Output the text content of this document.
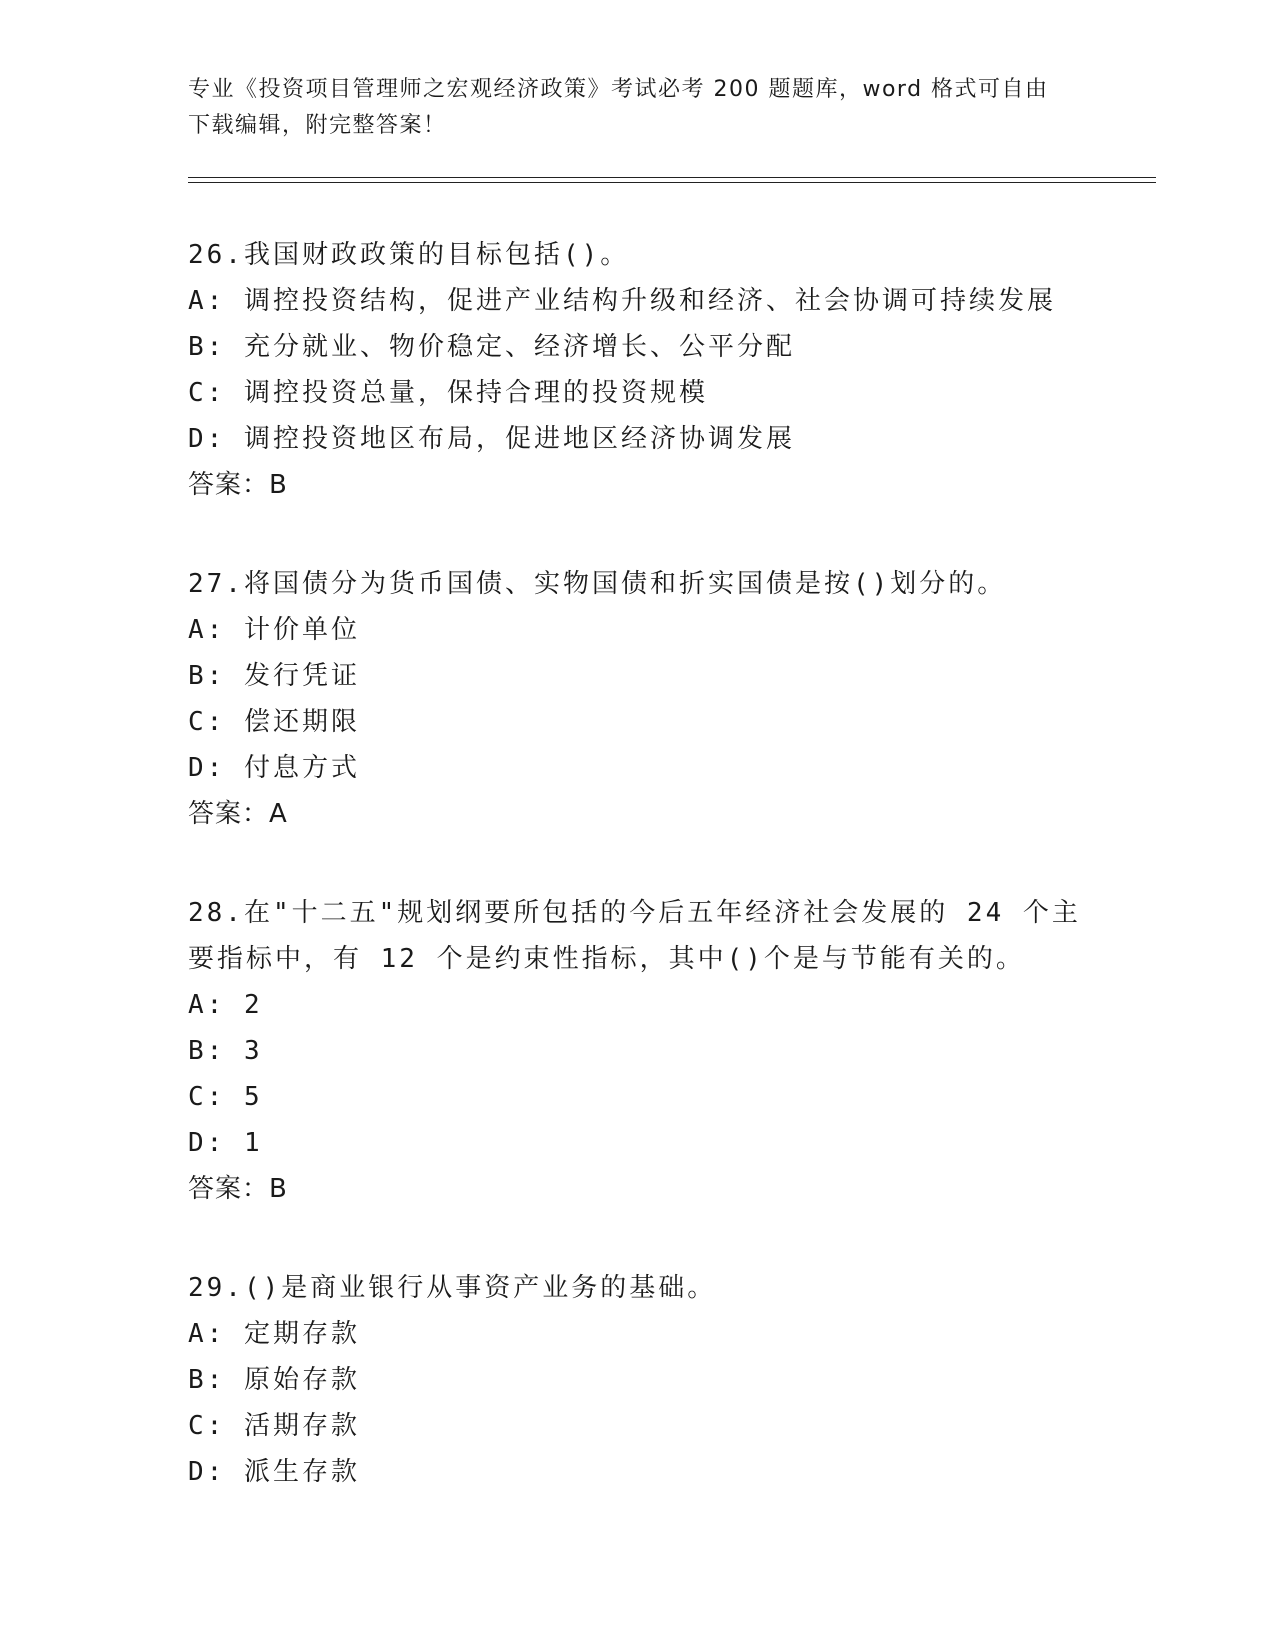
专业《投资项目管理师之宏观经济政策》考试必考 200 题题库，word 格式可自由
下载编辑，附完整答案！

26.我国财政政策的目标包括()。

A: 调控投资结构，促进产业结构升级和经济、社会协调可持续发展

B: 充分就业、物价稳定、经济增长、公平分配

C: 调控投资总量，保持合理的投资规模

D: 调控投资地区布局，促进地区经济协调发展

答案：B

27.将国债分为货币国债、实物国债和折实国债是按()划分的。

A: 计价单位

B: 发行凭证

C: 偿还期限

D: 付息方式

答案：A

28.在"十二五"规划纲要所包括的今后五年经济社会发展的 24 个主要指标中，有 12 个是约束性指标，其中()个是与节能有关的。

A: 2

B: 3

C: 5

D: 1

答案：B

29.()是商业银行从事资产业务的基础。

A: 定期存款

B: 原始存款

C: 活期存款

D: 派生存款
